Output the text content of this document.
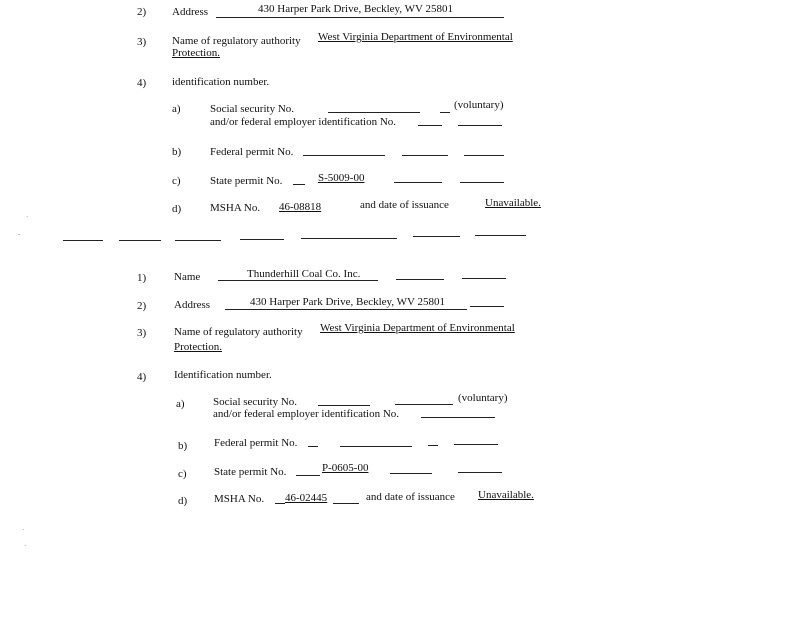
2) Address	430 Harper Park Drive, Beckley, WV 25801
3) Name of regulatory authority West Virginia Department of Environmental
Protection.
4) identification number.
a)	Social security No.	(voluntary)
and/or federal employer identification No.
b)	Federal permit No.
c)	State permit No.	S-5009-00
d)	MSHA No. 46-08818	and date of issuance	Unavailable.
1)	Name	Thunderhill Coal Co. Inc.
2)	Address	430 Harper Park Drive, Beckley, WV 25801
3)	Name of regulatory authority West Virginia Department of Environmental
Protection.
4)	Identification number.
a)	Social security No.	(voluntary)
and/or federal employer identification No.
b) Federal permit No.
c) State permit No.	P-0605-00
d) MSHA No. 46-02445	and date of issuance Unavailable.
·
-
·
·
